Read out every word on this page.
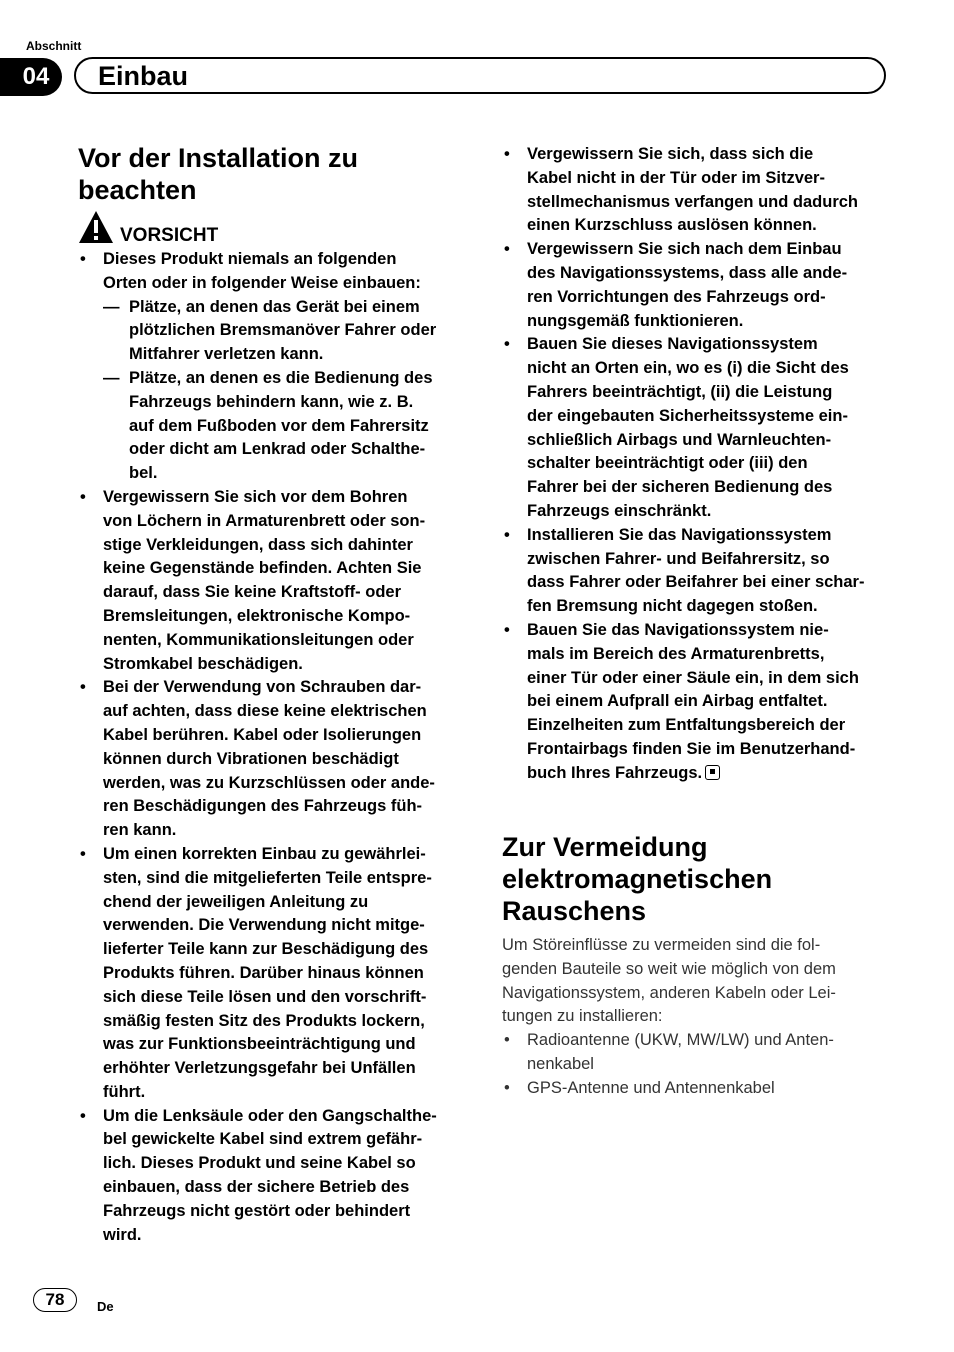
Abschnitt
04	Einbau
Vor der Installation zu
beachten
VORSICHT
• Dieses Produkt niemals an folgenden
Orten oder in folgender Weise einbauen:
— Plätze, an denen das Gerät bei einem
plötzlichen Bremsmanöver Fahrer oder
Mitfahrer verletzen kann.
— Plätze, an denen es die Bedienung des
Fahrzeugs behindern kann, wie z. B.
auf dem Fußboden vor dem Fahrersitz
oder dicht am Lenkrad oder Schalthe-
bel.
• Vergewissern Sie sich vor dem Bohren
von Löchern in Armaturenbrett oder son-
stige Verkleidungen, dass sich dahinter
keine Gegenstände befinden. Achten Sie
darauf, dass Sie keine Kraftstoff- oder
Bremsleitungen, elektronische Kompo-
nenten, Kommunikationsleitungen oder
Stromkabel beschädigen.
• Bei der Verwendung von Schrauben dar-
auf achten, dass diese keine elektrischen
Kabel berühren. Kabel oder Isolierungen
können durch Vibrationen beschädigt
werden, was zu Kurzschlüssen oder ande-
ren Beschädigungen des Fahrzeugs füh-
ren kann.
• Um einen korrekten Einbau zu gewährlei-
sten, sind die mitgelieferten Teile entspre-
chend der jeweiligen Anleitung zu
verwenden. Die Verwendung nicht mitge-
lieferter Teile kann zur Beschädigung des
Produkts führen. Darüber hinaus können
sich diese Teile lösen und den vorschrift-
smäßig festen Sitz des Produkts lockern,
was zur Funktionsbeeinträchtigung und
erhöhter Verletzungsgefahr bei Unfällen
führt.
• Um die Lenksäule oder den Gangschalthe-
bel gewickelte Kabel sind extrem gefähr-
lich. Dieses Produkt und seine Kabel so
einbauen, dass der sichere Betrieb des
Fahrzeugs nicht gestört oder behindert
wird.
• Vergewissern Sie sich, dass sich die
Kabel nicht in der Tür oder im Sitzver-
stellmechanismus verfangen und dadurch
einen Kurzschluss auslösen können.
• Vergewissern Sie sich nach dem Einbau
des Navigationssystems, dass alle ande-
ren Vorrichtungen des Fahrzeugs ord-
nungsgemäß funktionieren.
• Bauen Sie dieses Navigationssystem
nicht an Orten ein, wo es (i) die Sicht des
Fahrers beeinträchtigt, (ii) die Leistung
der eingebauten Sicherheitssysteme ein-
schließlich Airbags und Warnleuchten-
schalter beeinträchtigt oder (iii) den
Fahrer bei der sicheren Bedienung des
Fahrzeugs einschränkt.
• Installieren Sie das Navigationssystem
zwischen Fahrer- und Beifahrersitz, so
dass Fahrer oder Beifahrer bei einer schar-
fen Bremsung nicht dagegen stoßen.
• Bauen Sie das Navigationssystem nie-
mals im Bereich des Armaturenbretts,
einer Tür oder einer Säule ein, in dem sich
bei einem Aufprall ein Airbag entfaltet.
Einzelheiten zum Entfaltungsbereich der
Frontairbags finden Sie im Benutzerhand-
buch Ihres Fahrzeugs.
Zur Vermeidung
elektromagnetischen
Rauschens

Um Störeinflüsse zu vermeiden sind die fol-
genden Bauteile so weit wie möglich von dem
Navigationssystem, anderen Kabeln oder Lei-
tungen zu installieren:

• Radioantenne (UKW, MW/LW) und Anten-
nenkabel
• GPS-Antenne und Antennenkabel
78	De
